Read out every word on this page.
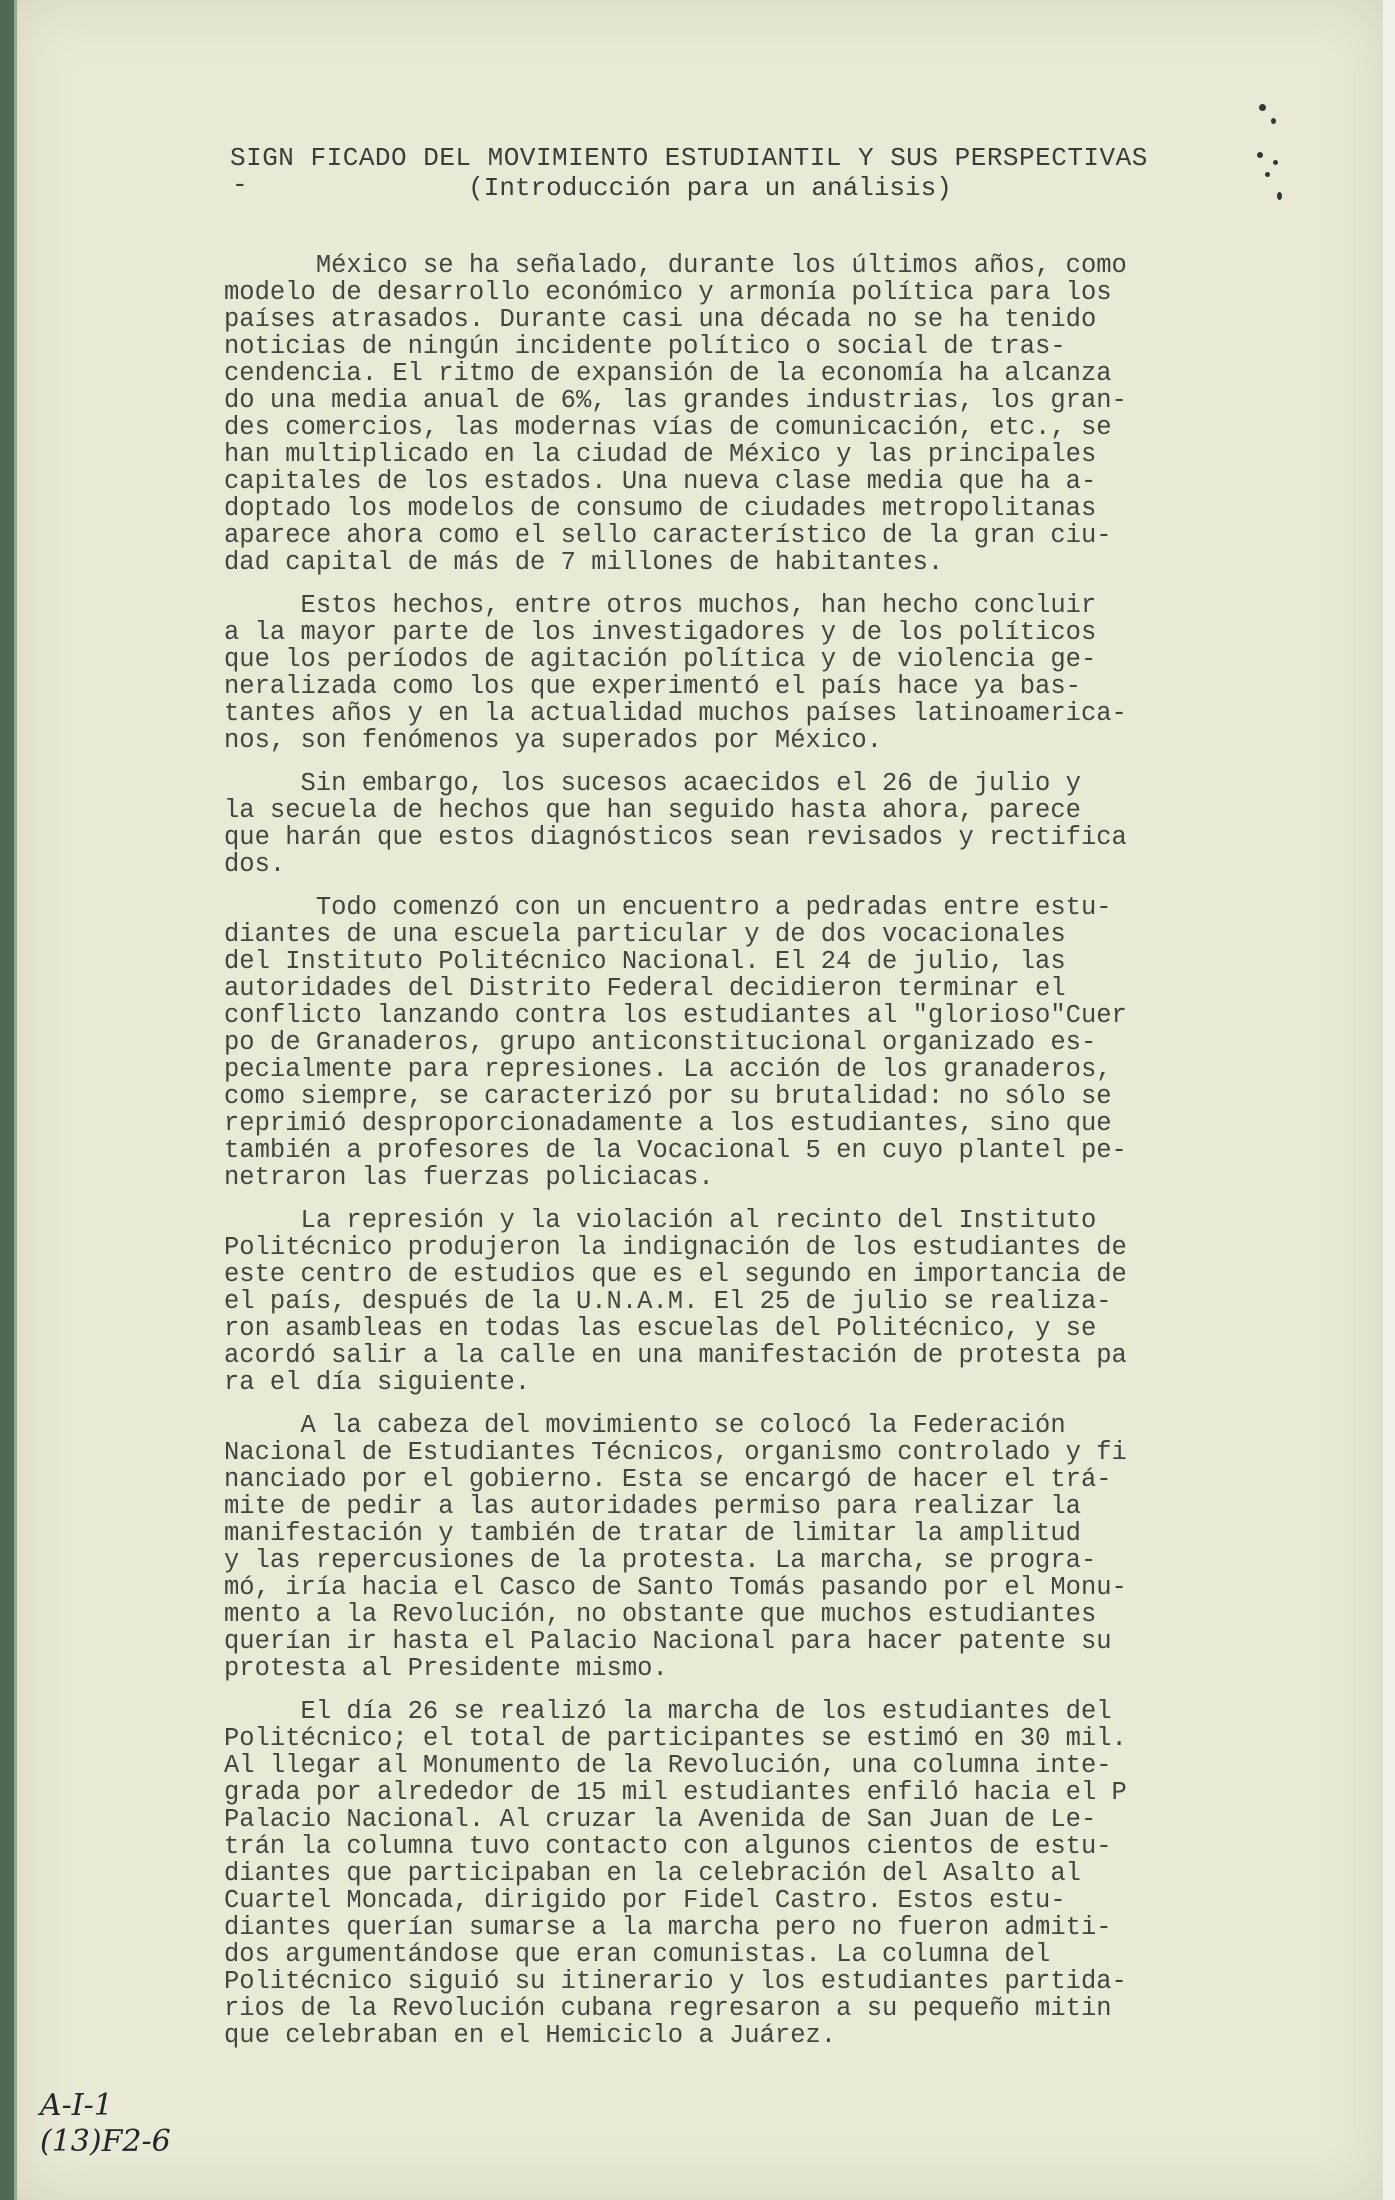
-
SIGN FICADO DEL MOVIMIENTO ESTUDIANTIL Y SUS PERSPECTIVAS
(Introducción para un análisis)
México se ha señalado, durante los últimos años, como
modelo de desarrollo económico y armonía política para los
países atrasados. Durante casi una década no se ha tenido
noticias de ningún incidente político o social de tras-
cendencia. El ritmo de expansión de la economía ha alcanza
do una media anual de 6%, las grandes industrias, los gran-
des comercios, las modernas vías de comunicación, etc., se
han multiplicado en la ciudad de México y las principales
capitales de los estados. Una nueva clase media que ha a-
doptado los modelos de consumo de ciudades metropolitanas
aparece ahora como el sello característico de la gran ciu-
dad capital de más de 7 millones de habitantes.
Estos hechos, entre otros muchos, han hecho concluir
a la mayor parte de los investigadores y de los políticos
que los períodos de agitación política y de violencia ge-
neralizada como los que experimentó el país hace ya bas-
tantes años y en la actualidad muchos países latinoamerica-
nos, son fenómenos ya superados por México.
Sin embargo, los sucesos acaecidos el 26 de julio y
la secuela de hechos que han seguido hasta ahora, parece
que harán que estos diagnósticos sean revisados y rectifica
dos.
Todo comenzó con un encuentro a pedradas entre estu-
diantes de una escuela particular y de dos vocacionales
del Instituto Politécnico Nacional. El 24 de julio, las
autoridades del Distrito Federal decidieron terminar el
conflicto lanzando contra los estudiantes al "glorioso"Cuer
po de Granaderos, grupo anticonstitucional organizado es-
pecialmente para represiones. La acción de los granaderos,
como siempre, se caracterizó por su brutalidad: no sólo se
reprimió desproporcionadamente a los estudiantes, sino que
también a profesores de la Vocacional 5 en cuyo plantel pe-
netraron las fuerzas policiacas.
La represión y la violación al recinto del Instituto
Politécnico produjeron la indignación de los estudiantes de
este centro de estudios que es el segundo en importancia de
el país, después de la U.N.A.M. El 25 de julio se realiza-
ron asambleas en todas las escuelas del Politécnico, y se
acordó salir a la calle en una manifestación de protesta pa
ra el día siguiente.
A la cabeza del movimiento se colocó la Federación
Nacional de Estudiantes Técnicos, organismo controlado y fi
nanciado por el gobierno. Esta se encargó de hacer el trá-
mite de pedir a las autoridades permiso para realizar la
manifestación y también de tratar de limitar la amplitud
y las repercusiones de la protesta. La marcha, se progra-
mó, iría hacia el Casco de Santo Tomás pasando por el Monu-
mento a la Revolución, no obstante que muchos estudiantes
querían ir hasta el Palacio Nacional para hacer patente su
protesta al Presidente mismo.
El día 26 se realizó la marcha de los estudiantes del
Politécnico; el total de participantes se estimó en 30 mil.
Al llegar al Monumento de la Revolución, una columna inte-
grada por alrededor de 15 mil estudiantes enfiló hacia el P
Palacio Nacional. Al cruzar la Avenida de San Juan de Le-
trán la columna tuvo contacto con algunos cientos de estu-
diantes que participaban en la celebración del Asalto al
Cuartel Moncada, dirigido por Fidel Castro. Estos estu-
diantes querían sumarse a la marcha pero no fueron admiti-
dos argumentándose que eran comunistas. La columna del
Politécnico siguió su itinerario y los estudiantes partida-
rios de la Revolución cubana regresaron a su pequeño mitin
que celebraban en el Hemiciclo a Juárez.
A-I-1
(13)F2-6
